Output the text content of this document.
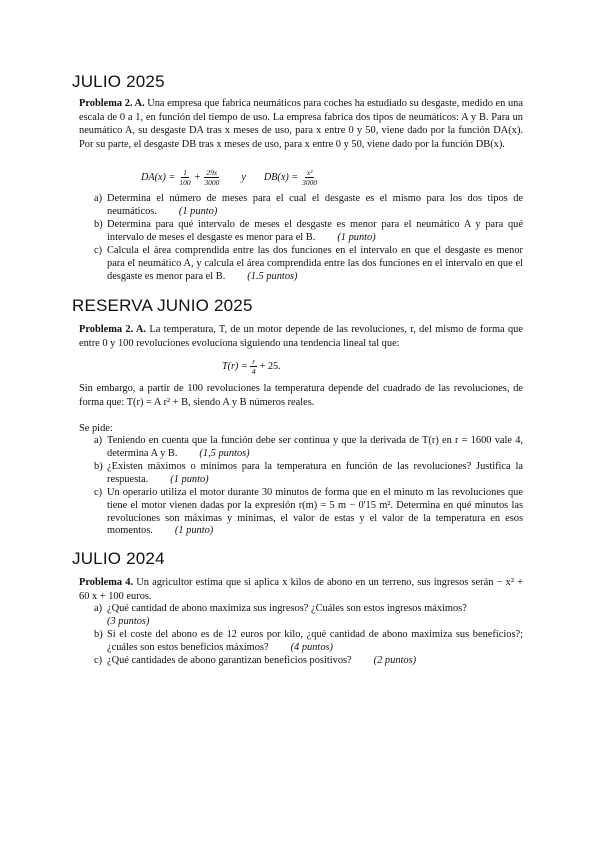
JULIO 2025
Problema 2. A. Una empresa que fabrica neumáticos para coches ha estudiado su desgaste, medido en una escala de 0 a 1, en función del tiempo de uso. La empresa fabrica dos tipos de neumáticos: A y B. Para un neumático A, su desgaste DA tras x meses de uso, para x entre 0 y 50, viene dado por la función DA(x). Por su parte, el desgaste DB tras x meses de uso, para x entre 0 y 50, viene dado por la función DB(x).
$DA(x) = \frac{1}{100} + \frac{29x}{3000}$ y $DB(x) = \frac{\text{x²}}{3000}$
a) Determina el número de meses para el cual el desgaste es el mismo para los dos tipos de neumáticos. (1 punto)
b) Determina para qué intervalo de meses el desgaste es menor para el neumático A y para qué intervalo de meses el desgaste es menor para el B. (1 punto)
c) Calcula el área comprendida entre las dos funciones en el intervalo en que el desgaste es menor para el neumático A, y calcula el área comprendida entre las dos funciones en el intervalo en que el desgaste es menor para el B. (1.5 puntos)
RESERVA JUNIO 2025
Problema 2. A. La temperatura, T, de un motor depende de las revoluciones, r, del mismo de forma que entre 0 y 100 revoluciones evoluciona siguiendo una tendencia lineal tal que:
$T(r) = \frac{r}{4} + 25$.
Sin embargo, a partir de 100 revoluciones la temperatura depende del cuadrado de las revoluciones, de forma que: T(r) = A r² + B, siendo A y B números reales.
Se pide:
a) Teniendo en cuenta que la función debe ser continua y que la derivada de T(r) en r = 1600 vale 4, determina A y B. (1,5 puntos)
b) ¿Existen máximos o mínimos para la temperatura en función de las revoluciones? Justifica la respuesta. (1 punto)
c) Un operario utiliza el motor durante 30 minutos de forma que en el minuto m las revoluciones que tiene el motor vienen dadas por la expresión r(m) = 5 m − 0'15 m². Determina en qué minutos las revoluciones son máximas y mínimas, el valor de estas y el valor de la temperatura en esos momentos. (1 punto)
JULIO 2024
Problema 4. Un agricultor estima que si aplica x kilos de abono en un terreno, sus ingresos serán − x² + 60 x + 100 euros.
a) ¿Qué cantidad de abono maximiza sus ingresos? ¿Cuáles son estos ingresos máximos?
(3 puntos)
b) Si el coste del abono es de 12 euros por kilo, ¿qué cantidad de abono maximiza sus beneficios?; ¿cuáles son estos beneficios máximos? (4 puntos)
c) ¿Qué cantidades de abono garantizan beneficios positivos? (2 puntos)
